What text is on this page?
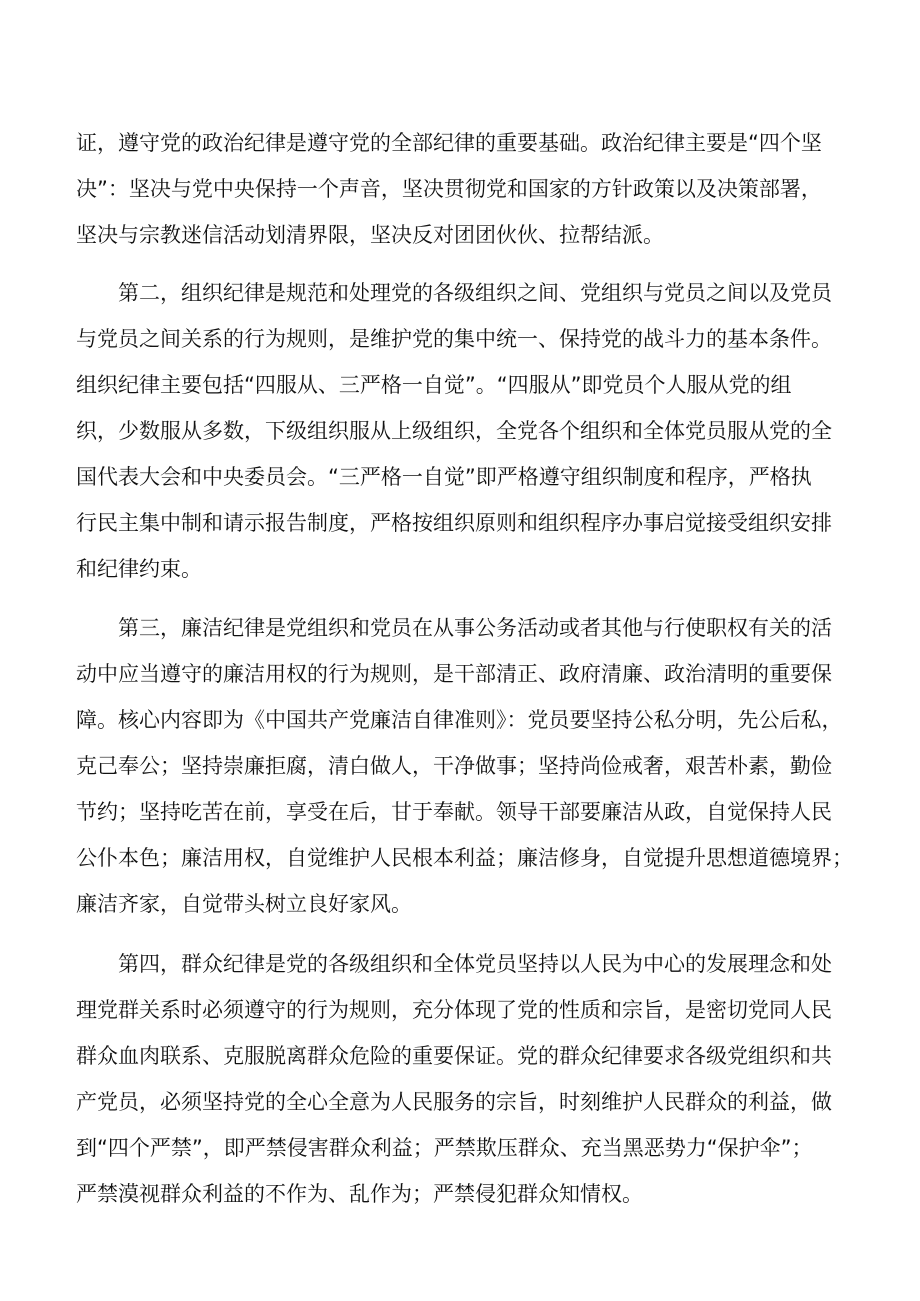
证，遵守党的政治纪律是遵守党的全部纪律的重要基础。政治纪律主要是“四个坚
决”：坚决与党中央保持一个声音，坚决贯彻党和国家的方针政策以及决策部署，
坚决与宗教迷信活动划清界限，坚决反对团团伙伙、拉帮结派。
第二，组织纪律是规范和处理党的各级组织之间、党组织与党员之间以及党员
与党员之间关系的行为规则，是维护党的集中统一、保持党的战斗力的基本条件。
组织纪律主要包括“四服从、三严格一自觉”。“四服从”即党员个人服从党的组
织，少数服从多数，下级组织服从上级组织，全党各个组织和全体党员服从党的全
国代表大会和中央委员会。“三严格一自觉”即严格遵守组织制度和程序，严格执
行民主集中制和请示报告制度，严格按组织原则和组织程序办事启觉接受组织安排
和纪律约束。
第三，廉洁纪律是党组织和党员在从事公务活动或者其他与行使职权有关的活
动中应当遵守的廉洁用权的行为规则，是干部清正、政府清廉、政治清明的重要保
障。核心内容即为《中国共产党廉洁自律准则》：党员要坚持公私分明，先公后私，
克己奉公；坚持崇廉拒腐，清白做人，干净做事；坚持尚俭戒奢，艰苦朴素，勤俭
节约；坚持吃苦在前，享受在后，甘于奉献。领导干部要廉洁从政，自觉保持人民
公仆本色；廉洁用权，自觉维护人民根本利益；廉洁修身，自觉提升思想道德境界；
廉洁齐家，自觉带头树立良好家风。
第四，群众纪律是党的各级组织和全体党员坚持以人民为中心的发展理念和处
理党群关系时必须遵守的行为规则，充分体现了党的性质和宗旨，是密切党同人民
群众血肉联系、克服脱离群众危险的重要保证。党的群众纪律要求各级党组织和共
产党员，必须坚持党的全心全意为人民服务的宗旨，时刻维护人民群众的利益，做
到“四个严禁”，即严禁侵害群众利益；严禁欺压群众、充当黑恶势力“保护伞”；
严禁漠视群众利益的不作为、乱作为；严禁侵犯群众知情权。
